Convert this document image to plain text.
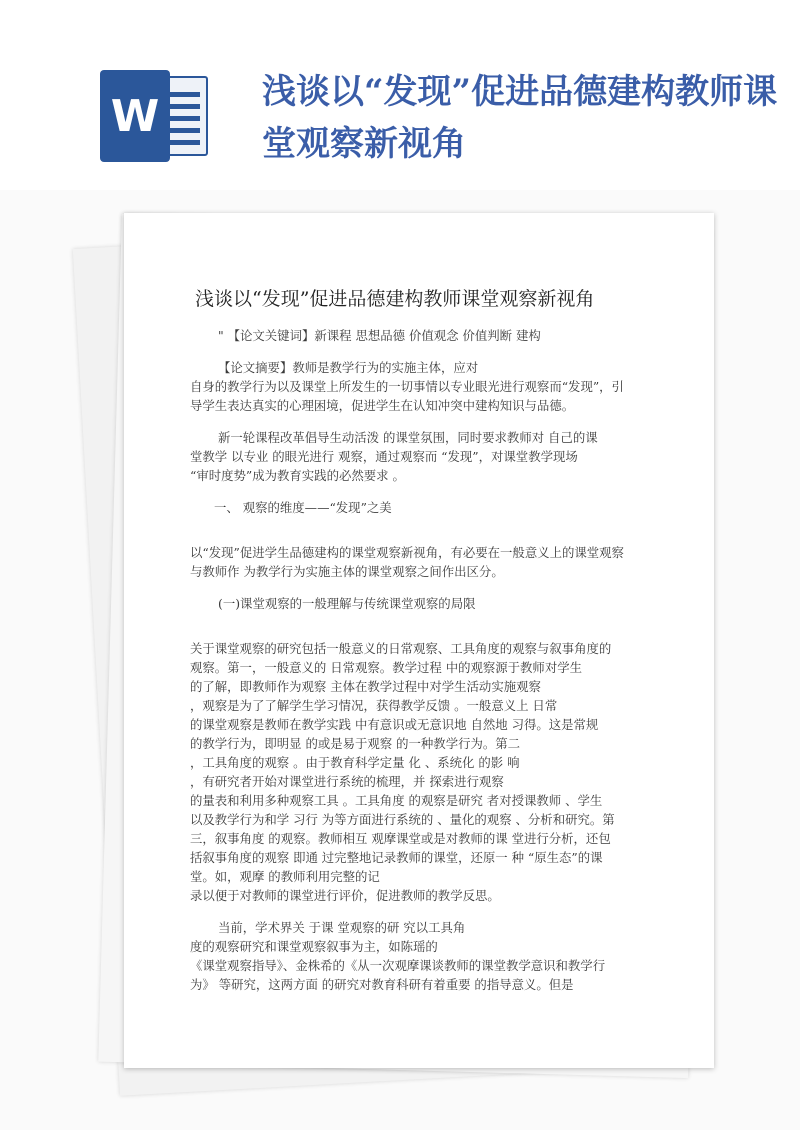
W	浅谈以“发现”促进品德建构教师课堂观察新视角
浅谈以“发现”促进品德建构教师课堂观察新视角

" 【论文关键词】新课程 思想品德 价值观念 价值判断 建构

【论文摘要】教师是教学行为的实施主体，应对

自身的教学行为以及课堂上所发生的一切事情以专业眼光进行观察而“发现”，引

导学生表达真实的心理困境，促进学生在认知冲突中建构知识与品德。

新一轮课程改革倡导生动活泼 的课堂氛围，同时要求教师对 自己的课

堂教学 以专业 的眼光进行 观察，通过观察而 “发现”，对课堂教学现场

“审时度势”成为教育实践的必然要求 。

一、 观察的维度——“发现”之美

以“发现”促进学生品德建构的课堂观察新视角，有必要在一般意义上的课堂观察

与教师作 为教学行为实施主体的课堂观察之间作出区分。

(一)课堂观察的一般理解与传统课堂观察的局限

关于课堂观察的研究包括一般意义的日常观察、工具角度的观察与叙事角度的

观察。第一，一般意义的 日常观察。教学过程 中的观察源于教师对学生

的了解，即教师作为观察 主体在教学过程中对学生活动实施观察

，观察是为了了解学生学习情况，获得教学反馈 。一般意义上 日常

的课堂观察是教师在教学实践 中有意识或无意识地 自然地 习得。这是常规

的教学行为，即明显 的或是易于观察 的一种教学行为。第二

，工具角度的观察 。由于教育科学定量 化 、系统化 的影 响

，有研究者开始对课堂进行系统的梳理，并 探索进行观察

的量表和利用多种观察工具 。工具角度 的观察是研究 者对授课教师 、学生

以及教学行为和学 习行 为等方面进行系统的 、量化的观察 、分析和研究。第

三，叙事角度 的观察。教师相互 观摩课堂或是对教师的课 堂进行分析，还包

括叙事角度的观察 即通 过完整地记录教师的课堂，还原一 种 “原生态”的课

堂。如，观摩 的教师利用完整的记

录以便于对教师的课堂进行评价，促进教师的教学反思。

当前，学术界关 于课 堂观察的研 究以工具角

度的观察研究和课堂观察叙事为主，如陈瑶的

《课堂观察指导》、金株希的《从一次观摩课谈教师的课堂教学意识和教学行

为》 等研究，这两方面 的研究对教育科研有着重要 的指导意义。但是
